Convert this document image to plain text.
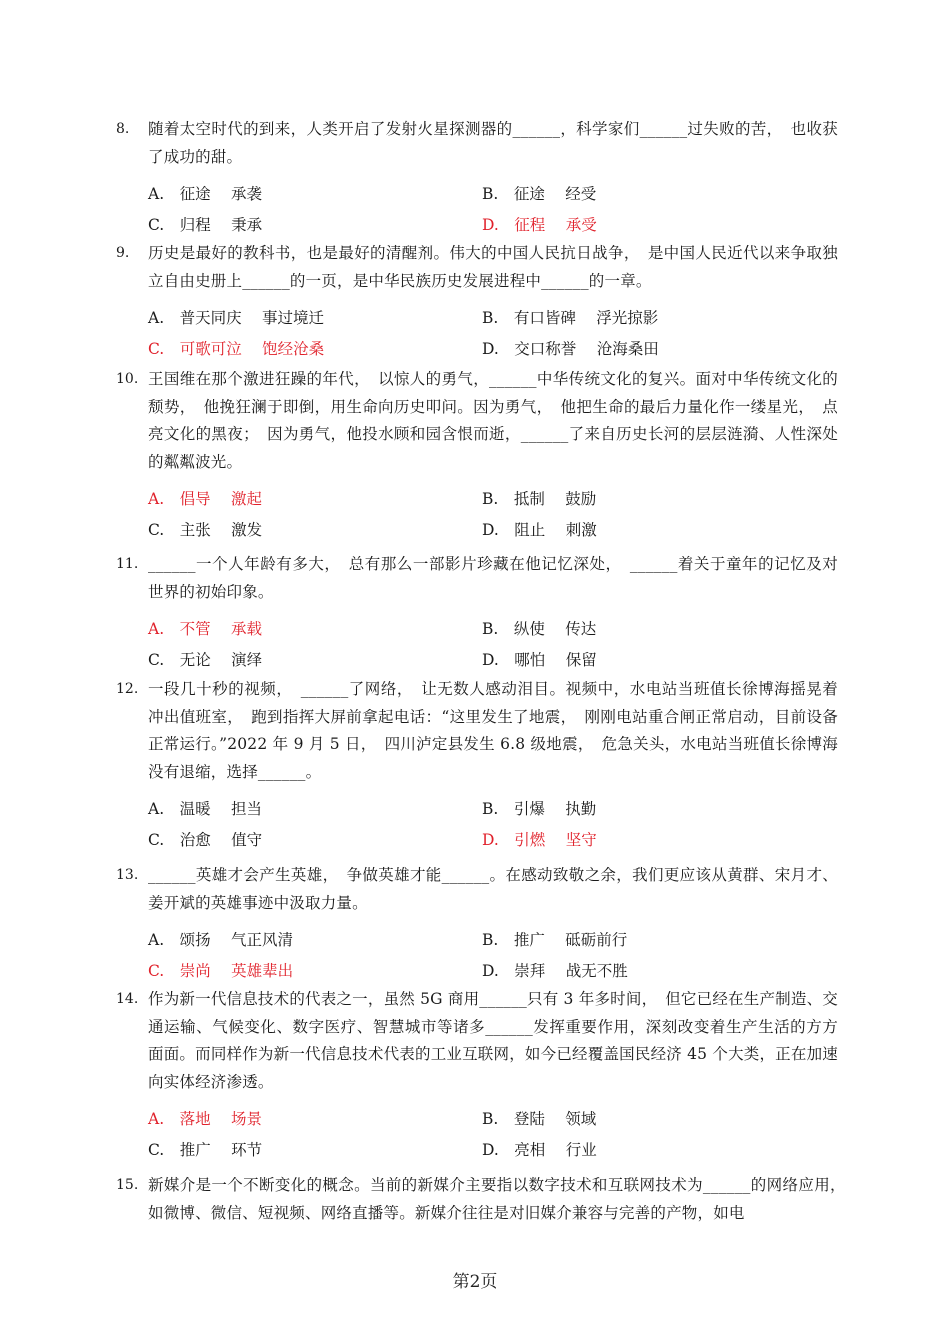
8.	随着太空时代的到来，人类开启了发射火星探测器的______，科学家们______过失败的苦，　也收获了成功的甜。
A.　征途　 承袭	B.　征途　 经受
C.　归程　 秉承	D.　征程　 承受
9.	历史是最好的教科书，也是最好的清醒剂。伟大的中国人民抗日战争，　是中国人民近代以来争取独立自由史册上______的一页，是中华民族历史发展进程中______的一章。
A.　普天同庆　 事过境迁	B.　有口皆碑　 浮光掠影
C.　可歌可泣　 饱经沧桑	D.　交口称誉　 沧海桑田
10. 王国维在那个激进狂躁的年代，　以惊人的勇气，______中华传统文化的复兴。面对中华传统文化的颓势，　他挽狂澜于即倒，用生命向历史叩问。因为勇气，　他把生命的最后力量化作一缕星光，　点亮文化的黑夜；　因为勇气，他投水顾和园含恨而逝，______了来自历史长河的层层涟漪、人性深处的粼粼波光。
A.　倡导　 激起	B.　抵制　 鼓励
C.　主张　 激发	D.　阻止　 刺激
11. ______一个人年龄有多大，　总有那么一部影片珍藏在他记忆深处，　______着关于童年的记忆及对世界的初始印象。
A.　不管　 承载	B.　纵使　 传达
C.　无论　 演绎	D.　哪怕　 保留
12. 一段几十秒的视频，　______了网络，　让无数人感动泪目。视频中，水电站当班值长徐博海摇晃着冲出值班室，　跑到指挥大屏前拿起电话：“这里发生了地震，　刚刚电站重合闸正常启动，目前设备正常运行。”2022 年 9 月 5 日，　四川泸定县发生 6.8 级地震，　危急关头，水电站当班值长徐博海没有退缩，选择______。
A.　温暖　 担当	B.　引爆　 执勤
C.　治愈　 值守	D.　引燃　 坚守
13. ______英雄才会产生英雄，　争做英雄才能______。在感动致敬之余，我们更应该从黄群、宋月才、姜开斌的英雄事迹中汲取力量。
A.　颂扬　 气正风清	B.　推广　 砥砺前行
C.　崇尚　 英雄辈出	D.　崇拜　 战无不胜
14. 作为新一代信息技术的代表之一，虽然 5G 商用______只有 3 年多时间，　但它已经在生产制造、交通运输、气候变化、数字医疗、智慧城市等诸多______发挥重要作用，深刻改变着生产生活的方方面面。而同样作为新一代信息技术代表的工业互联网，如今已经覆盖国民经济 45 个大类，正在加速向实体经济渗透。
A.　落地　 场景	B.　登陆　 领域
C.　推广　 环节	D.　亮相　 行业
15. 新媒介是一个不断变化的概念。当前的新媒介主要指以数字技术和互联网技术为______的网络应用，　如微博、微信、短视频、网络直播等。新媒介往往是对旧媒介兼容与完善的产物，如电
第2页
